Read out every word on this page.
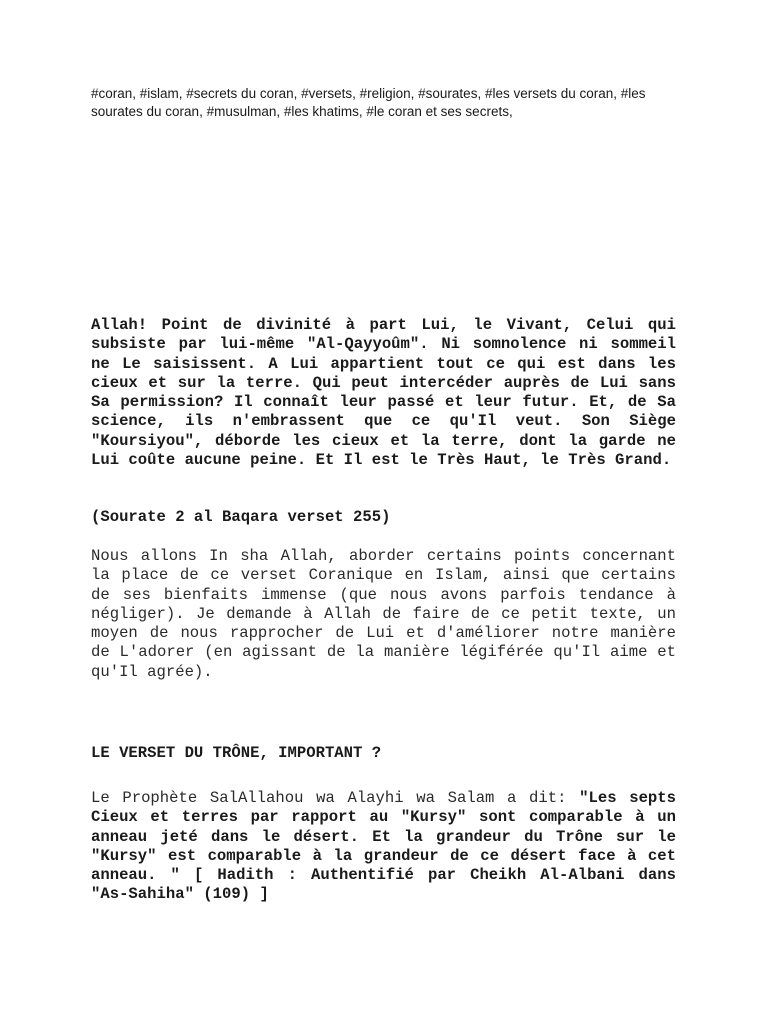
#coran, #islam, #secrets du coran, #versets, #religion, #sourates, #les versets du coran, #les sourates du coran, #musulman, #les khatims, #le coran et ses secrets,

Allah! Point de divinité à part Lui, le Vivant, Celui qui subsiste par lui-même "Al-Qayyoûm". Ni somnolence ni sommeil ne Le saisissent. A Lui appartient tout ce qui est dans les cieux et sur la terre. Qui peut intercéder auprès de Lui sans Sa permission? Il connaît leur passé et leur futur. Et, de Sa science, ils n'embrassent que ce qu'Il veut. Son Siège "Koursiyou", déborde les cieux et la terre, dont la garde ne Lui coûte aucune peine. Et Il est le Très Haut, le Très Grand.

(Sourate 2 al Baqara verset 255)

Nous allons In sha Allah, aborder certains points concernant la place de ce verset Coranique en Islam, ainsi que certains de ses bienfaits immense (que nous avons parfois tendance à négliger). Je demande à Allah de faire de ce petit texte, un moyen de nous rapprocher de Lui et d'améliorer notre manière de L'adorer (en agissant de la manière légiférée qu'Il aime et qu'Il agrée).

LE VERSET DU TRÔNE, IMPORTANT ?

Le Prophète SalAllahou wa Alayhi wa Salam a dit: "Les septs Cieux et terres par rapport au "Kursy" sont comparable à un anneau jeté dans le désert. Et la grandeur du Trône sur le "Kursy" est comparable à la grandeur de ce désert face à cet anneau. " [ Hadith : Authentifié par Cheikh Al-Albani dans "As-Sahiha" (109) ]
